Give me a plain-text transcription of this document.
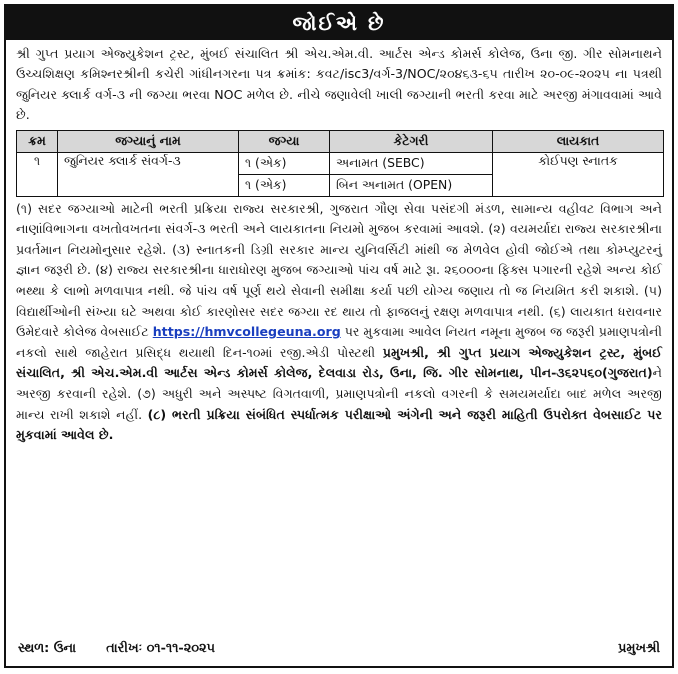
જોઈએ છે
શ્રી ગુપ્ત પ્રયાગ એજ્યુકેશન ટ્રસ્ટ, મુંબઈ સંચાલિત શ્રી એચ.એમ.વી. આર્ટસ એન્ડ કોમર્સ કોલેજ, ઉના જી. ગીર સોમનાથને ઉચ્ચશિક્ષણ કમિશ્નરશ્રીની કચેરી ગાંધીનગરના પત્ર ક્રમાંક: કવટ/isc3/વર્ગ-3/NOC/૨૦૪૬૩-૬૫ તારીખ ૨૦-૦૯-૨૦૨૫ ના પત્રથી જુનિયર ક્લાર્ક વર્ગ-૩ ની જગ્યા ભરવા NOC મળેલ છે. નીચે જણાવેલી ખાલી જગ્યાની ભરતી કરવા માટે અરજી મંગાવવામાં આવે છે.
ક્રમ	જગ્યાનું નામ	જગ્યા	કેટેગરી	લાયકાત
૧	જુનિયર ક્લાર્ક સંવર્ગ-૩	૧ (એક)	અનામત (SEBC)	કોઈપણ સ્નાતક
		૧ (એક)	બિન અનામત (OPEN)	
(૧) સદર જગ્યાઓ માટેની ભરતી પ્રક્રિયા રાજ્ય સરકારશ્રી, ગુજરાત ગૌણ સેવા પસંદગી મંડળ, સામાન્ય વહીવટ વિભાગ અને નાણાંવિભાગના વખતોવખતના સંવર્ગ-૩ ભરતી અને લાયકાતના નિયમો મુજબ કરવામાં આવશે. (૨) વયમર્યાદા રાજ્ય સરકારશ્રીના પ્રવર્તમાન નિયમોનુસાર રહેશે. (૩) સ્નાતકની ડિગ્રી સરકાર માન્ય યુનિવર્સિટી માંથી જ મેળવેલ હોવી જોઈએ તથા કોમ્પ્યુટરનું જ્ઞાન જરૂરી છે. (૪) રાજ્ય સરકારશ્રીના ધારાધોરણ મુજબ જગ્યાઓ પાંચ વર્ષ માટે રૂા. ૨૬૦૦૦ના ફિક્સ પગારની રહેશે અન્ય કોઈ ભથ્થા કે લાભો મળવાપાત્ર નથી. જે પાંચ વર્ષ પૂર્ણ થયે સેવાની સમીક્ષા કર્યા પછી યોગ્ય જણાય તો જ નિયમિત કરી શકાશે. (૫) વિદ્યાર્થીઓની સંખ્યા ઘટે અથવા કોઈ કારણોસર સદર જગ્યા રદ થાય તો ફાજલનું રક્ષણ મળવાપાત્ર નથી. (૬) લાયકાત ધરાવનાર ઉમેદવારે કોલેજ વેબસાઈટ https://hmvcollegeuna.org પર મુકવામા આવેલ નિયત નમૂના મુજબ જ જરૂરી પ્રમાણપત્રોની નકલો સાથે જાહેરાત પ્રસિદ્ધ થયાથી દિન-૧૦માં રજી.એડી પોસ્ટથી પ્રમુખશ્રી, શ્રી ગુપ્ત પ્રયાગ એજ્યુકેશન ટ્રસ્ટ, મુંબઈ સંચાલિત, શ્રી એચ.એમ.વી આર્ટસ એન્ડ કોમર્સ કોલેજ, દેલવાડા રોડ, ઉના, જિ. ગીર સોમનાથ, પીન-૩૬૨૫૬૦(ગુજરાત)ને અરજી કરવાની રહેશે. (૭) અધુરી અને અસ્પષ્ટ વિગતવાળી, પ્રમાણપત્રોની નકલો વગરની કે સમયમર્યાદા બાદ મળેલ અરજી માન્ય રાખી શકાશે નહીં. (૮) ભરતી પ્રક્રિયા સંબંધિત સ્પર્ધાત્મક પરીક્ષાઓ અંગેની અને જરૂરી માહિતી ઉપરોક્ત વેબસાઈટ પર મુકવામાં આવેલ છે.
સ્થળ: ઉના તારીખઃ ૦૧-૧૧-૨૦૨૫	પ્રમુખશ્રી
